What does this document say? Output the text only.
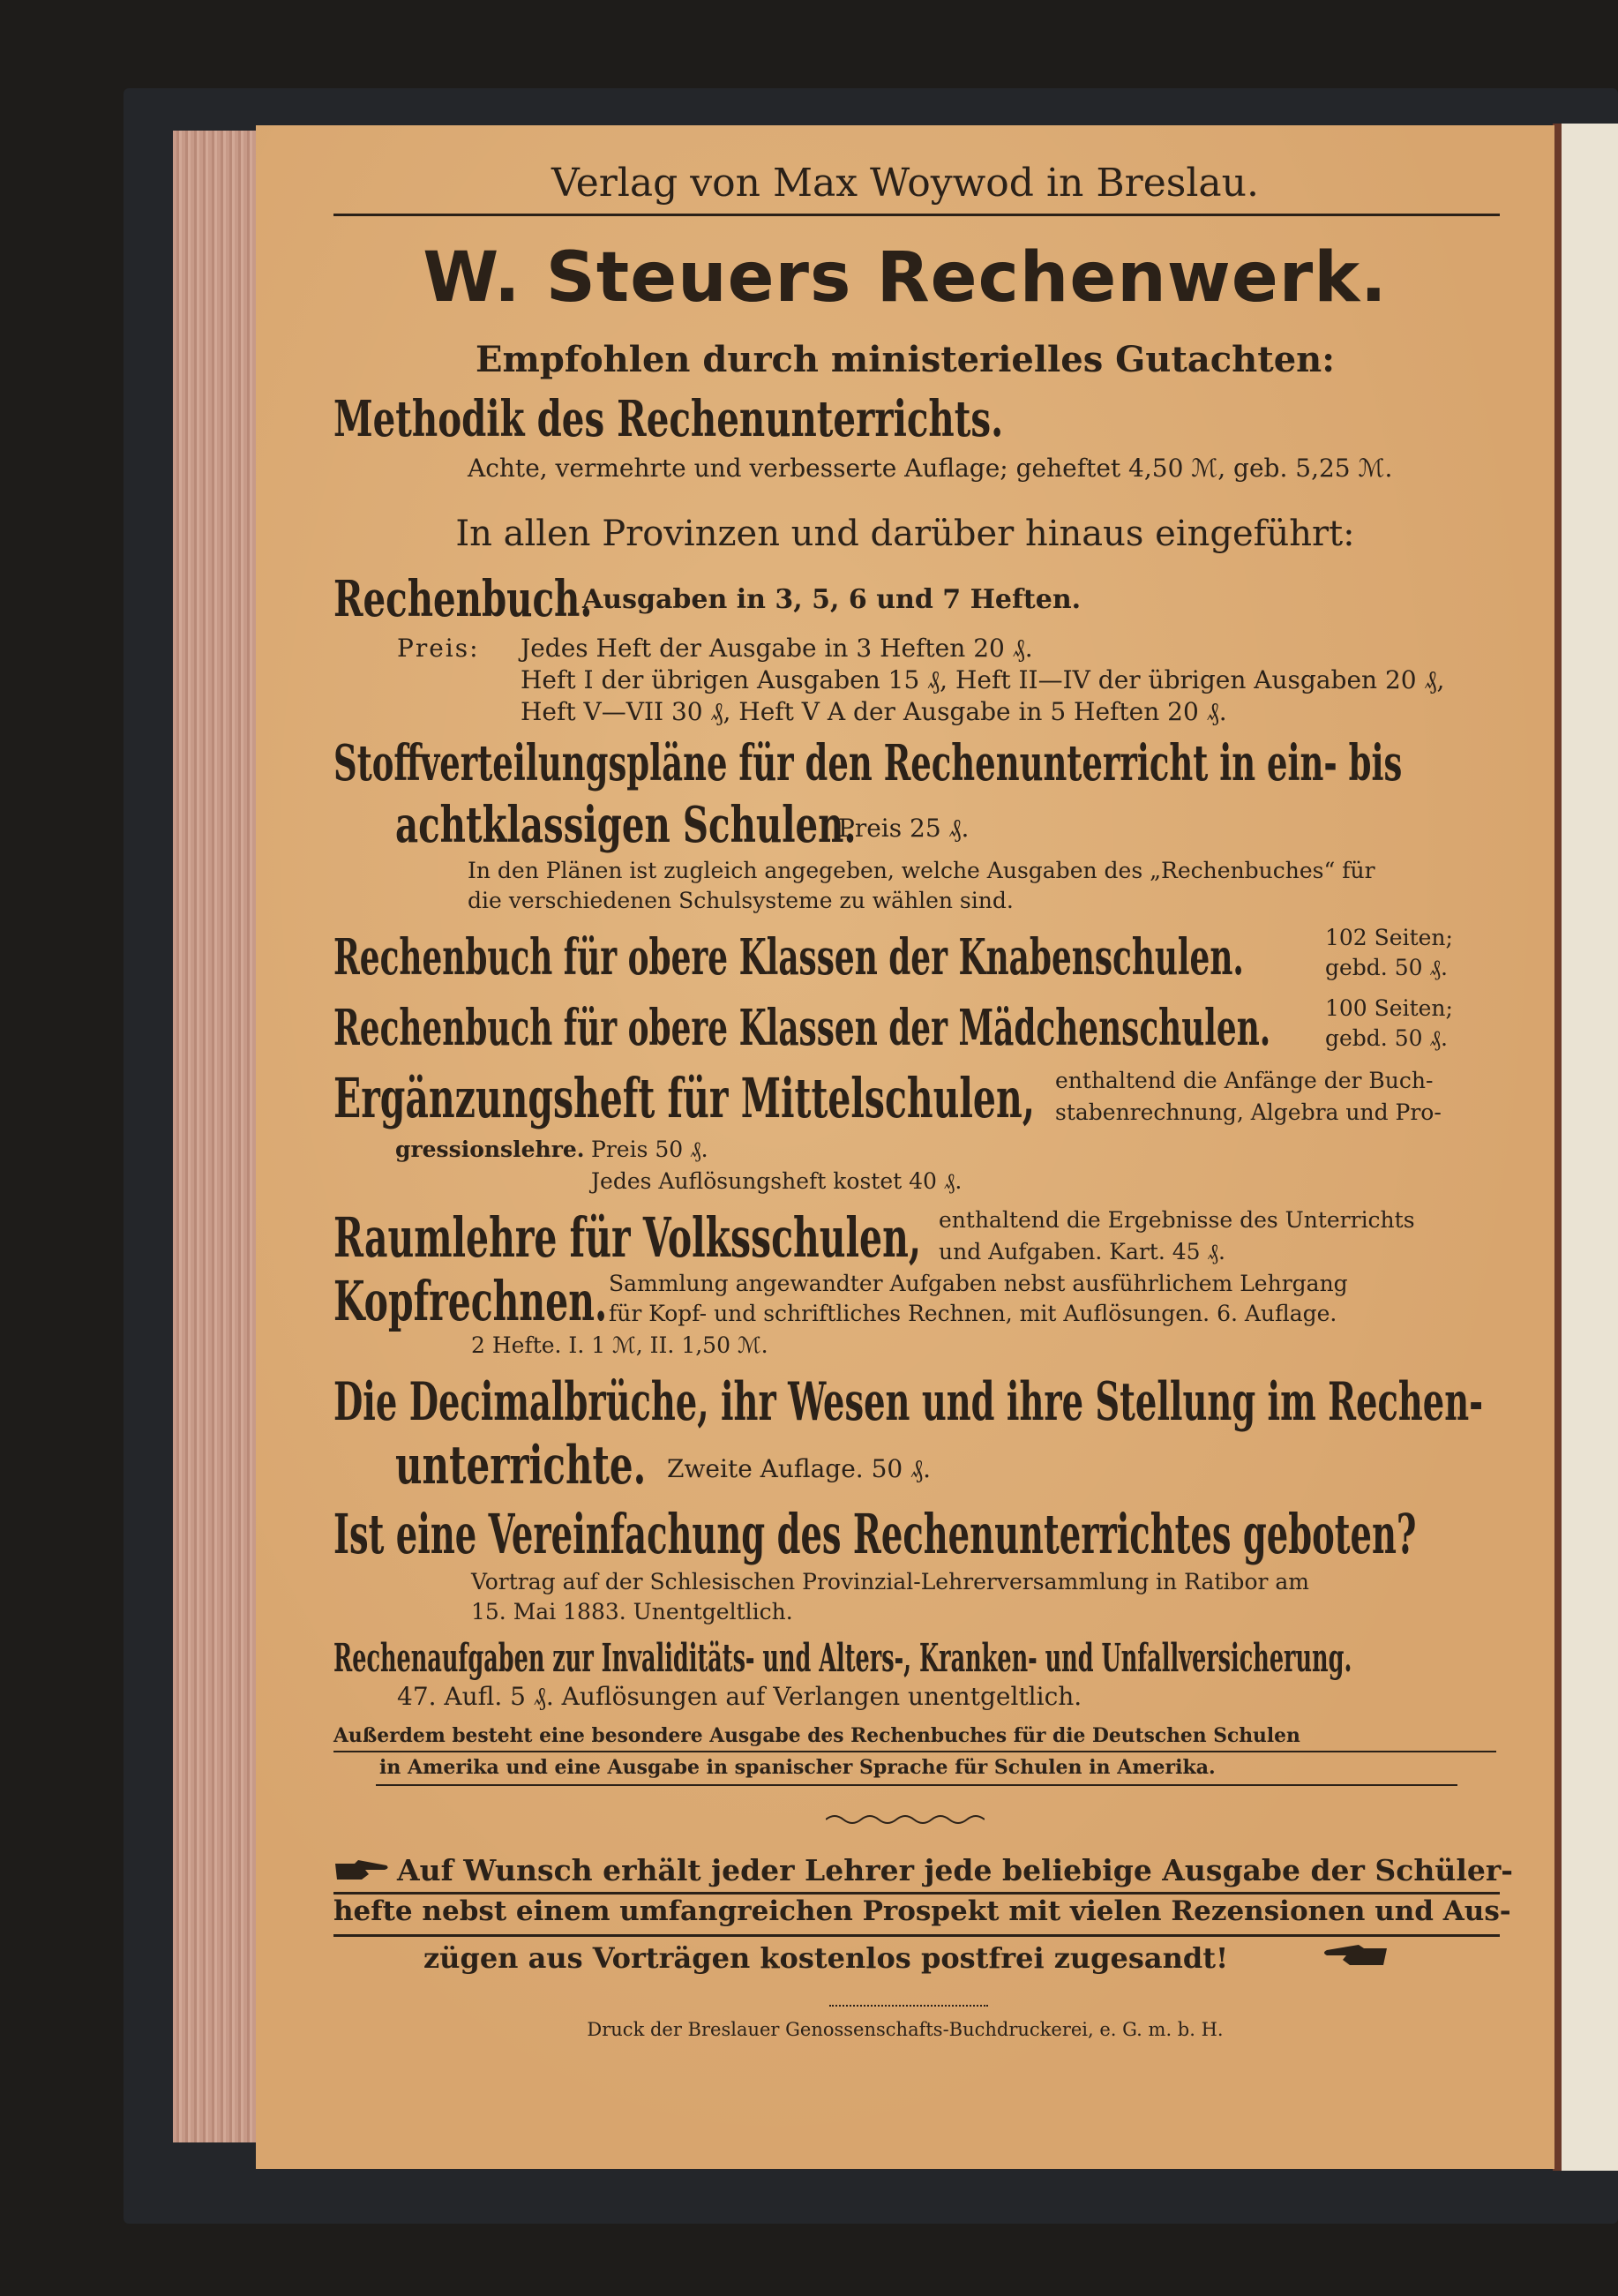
Verlag von Max Woywod in Breslau.
W. Steuers Rechenwerk.
Empfohlen durch ministerielles Gutachten:
Methodik des Rechenunterrichts.
Achte, vermehrte und verbesserte Auflage; geheftet 4,50 ℳ, geb. 5,25 ℳ.
In allen Provinzen und darüber hinaus eingeführt:
Rechenbuch.
Ausgaben in 3, 5, 6 und 7 Heften.
Preis: Jedes Heft der Ausgabe in 3 Heften 20 ₰.
Heft I der übrigen Ausgaben 15 ₰, Heft II—IV der übrigen Ausgaben 20 ₰,
Heft V—VII 30 ₰, Heft V A der Ausgabe in 5 Heften 20 ₰.
Stoffverteilungspläne für den Rechenunterricht in ein- bis
achtklassigen Schulen.
Preis 25 ₰.
In den Plänen ist zugleich angegeben, welche Ausgaben des „Rechenbuches“ für
die verschiedenen Schulsysteme zu wählen sind.
Rechenbuch für obere Klassen der Knabenschulen.	102 Seiten;
gebd. 50 ₰.
Rechenbuch für obere Klassen der Mädchenschulen.	100 Seiten;
gebd. 50 ₰.
Ergänzungsheft für Mittelschulen, enthaltend die Anfänge der Buch-
stabenrechnung, Algebra und Pro-
gressionslehre. Preis 50 ₰.
Jedes Auflösungsheft kostet 40 ₰.
Raumlehre für Volksschulen, enthaltend die Ergebnisse des Unterrichts
und Aufgaben. Kart. 45 ₰.
Kopfrechnen. Sammlung angewandter Aufgaben nebst ausführlichem Lehrgang
für Kopf- und schriftliches Rechnen, mit Auflösungen. 6. Auflage.
2 Hefte. I. 1 ℳ, II. 1,50 ℳ.
Die Decimalbrüche, ihr Wesen und ihre Stellung im Rechen-
unterrichte. Zweite Auflage. 50 ₰.
Ist eine Vereinfachung des Rechenunterrichtes geboten?
Vortrag auf der Schlesischen Provinzial-Lehrerversammlung in Ratibor am
15. Mai 1883. Unentgeltlich.
Rechenaufgaben zur Invaliditäts- und Alters-, Kranken- und Unfallversicherung.
47. Aufl. 5 ₰. Auflösungen auf Verlangen unentgeltlich.
Außerdem besteht eine besondere Ausgabe des Rechenbuches für die Deutschen Schulen
in Amerika und eine Ausgabe in spanischer Sprache für Schulen in Amerika.
Auf Wunsch erhält jeder Lehrer jede beliebige Ausgabe der Schüler-
hefte nebst einem umfangreichen Prospekt mit vielen Rezensionen und Aus-
zügen aus Vorträgen kostenlos postfrei zugesandt!
Druck der Breslauer Genossenschafts-Buchdruckerei, e. G. m. b. H.
